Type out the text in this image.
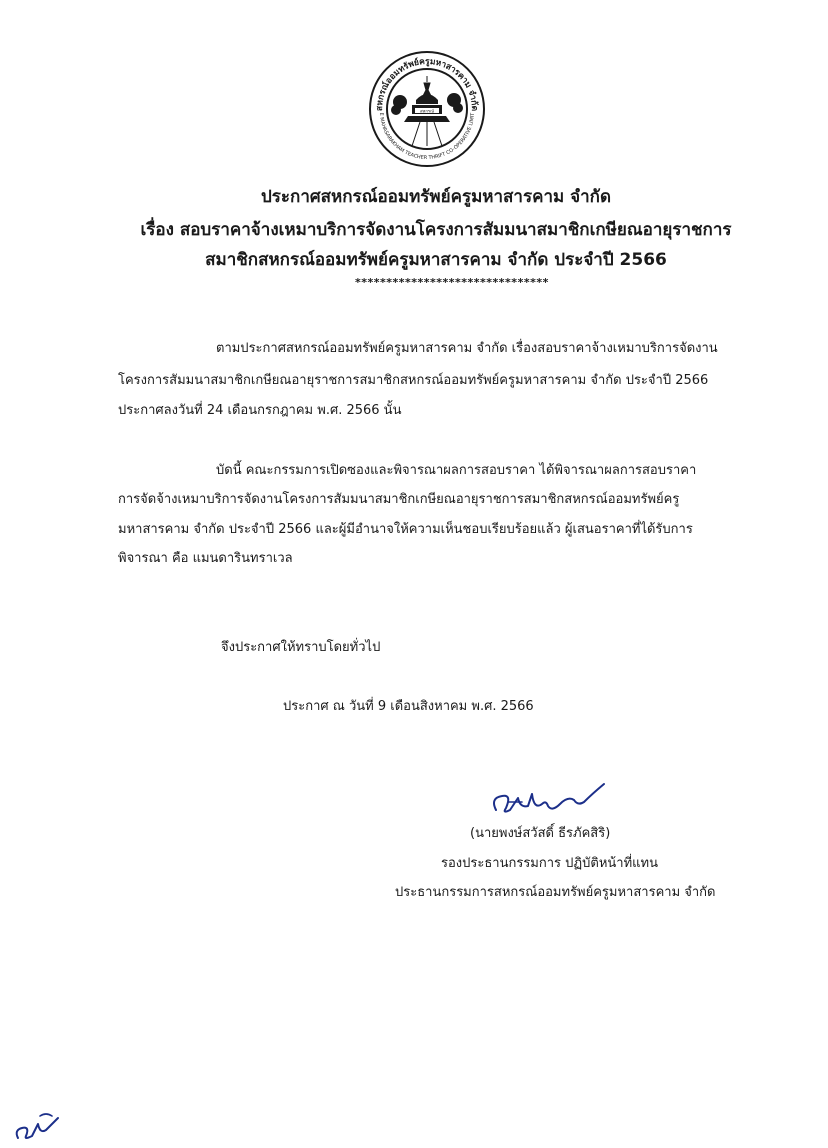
สหกรณ์ออมทรัพย์ครูมหาสารคาม จำกัด
E MAHASARAKHAM TEACHER THRIFT CO-OPERATIVE LIMIT
สหกรณ์
ประกาศสหกรณ์ออมทรัพย์ครูมหาสารคาม จำกัด
เรื่อง สอบราคาจ้างเหมาบริการจัดงานโครงการสัมมนาสมาชิกเกษียณอายุราชการ
สมาชิกสหกรณ์ออมทรัพย์ครูมหาสารคาม จำกัด ประจำปี 2566
*******************************
ตามประกาศสหกรณ์ออมทรัพย์ครูมหาสารคาม จำกัด เรื่องสอบราคาจ้างเหมาบริการจัดงาน
โครงการสัมมนาสมาชิกเกษียณอายุราชการสมาชิกสหกรณ์ออมทรัพย์ครูมหาสารคาม จำกัด ประจำปี 2566
ประกาศลงวันที่ 24 เดือนกรกฎาคม พ.ศ. 2566 นั้น
บัดนี้ คณะกรรมการเปิดซองและพิจารณาผลการสอบราคา ได้พิจารณาผลการสอบราคา
การจัดจ้างเหมาบริการจัดงานโครงการสัมมนาสมาชิกเกษียณอายุราชการสมาชิกสหกรณ์ออมทรัพย์ครู
มหาสารคาม จำกัด ประจำปี 2566 และผู้มีอำนาจให้ความเห็นชอบเรียบร้อยแล้ว ผู้เสนอราคาที่ได้รับการ
พิจารณา คือ แมนดารินทราเวล
จึงประกาศให้ทราบโดยทั่วไป
ประกาศ ณ วันที่ 9 เดือนสิงหาคม พ.ศ. 2566
(นายพงษ์สวัสดิ์ ธีรภัคสิริ)
รองประธานกรรมการ ปฏิบัติหน้าที่แทน
ประธานกรรมการสหกรณ์ออมทรัพย์ครูมหาสารคาม จำกัด
